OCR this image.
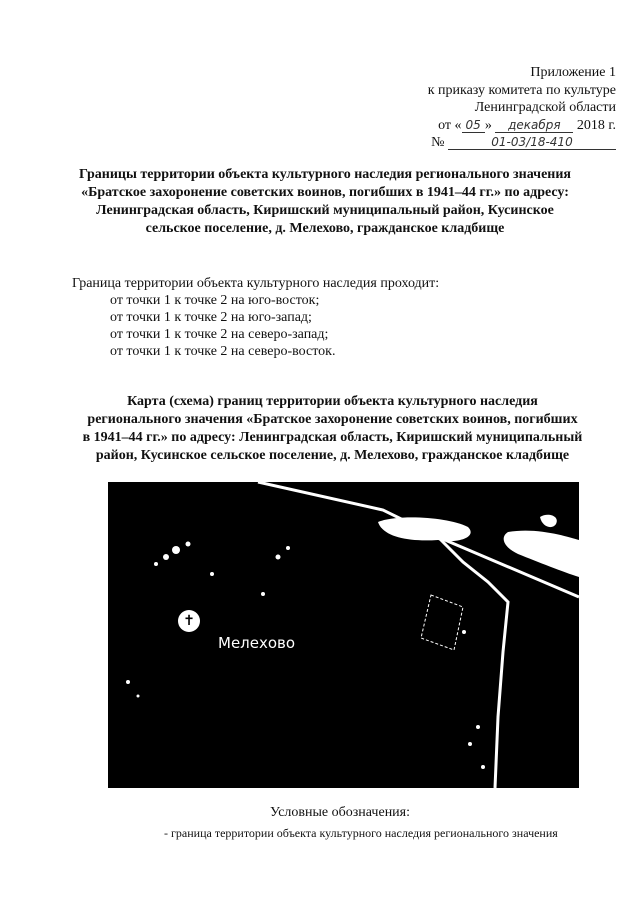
Приложение 1
к приказу комитета по культуре
Ленинградской области
от « 05 » декабря 2018 г.
№	01-03/18-410
Границы территории объекта культурного наследия регионального значения
«Братское захоронение советских воинов, погибших в 1941–44 гг.» по адресу:
Ленинградская область, Киришский муниципальный район, Кусинское
сельское поселение, д. Мелехово, гражданское кладбище
Граница территории объекта культурного наследия проходит:
от точки 1 к точке 2 на юго-восток;
от точки 1 к точке 2 на юго-запад;
от точки 1 к точке 2 на северо-запад;
от точки 1 к точке 2 на северо-восток.
Карта (схема) границ территории объекта культурного наследия
регионального значения «Братское захоронение советских воинов, погибших
в 1941–44 гг.» по адресу: Ленинградская область, Киришский муниципальный
район, Кусинское сельское поселение, д. Мелехово, гражданское кладбище
✝
Мелехово
Условные обозначения:
- граница территории объекта культурного наследия регионального значения
